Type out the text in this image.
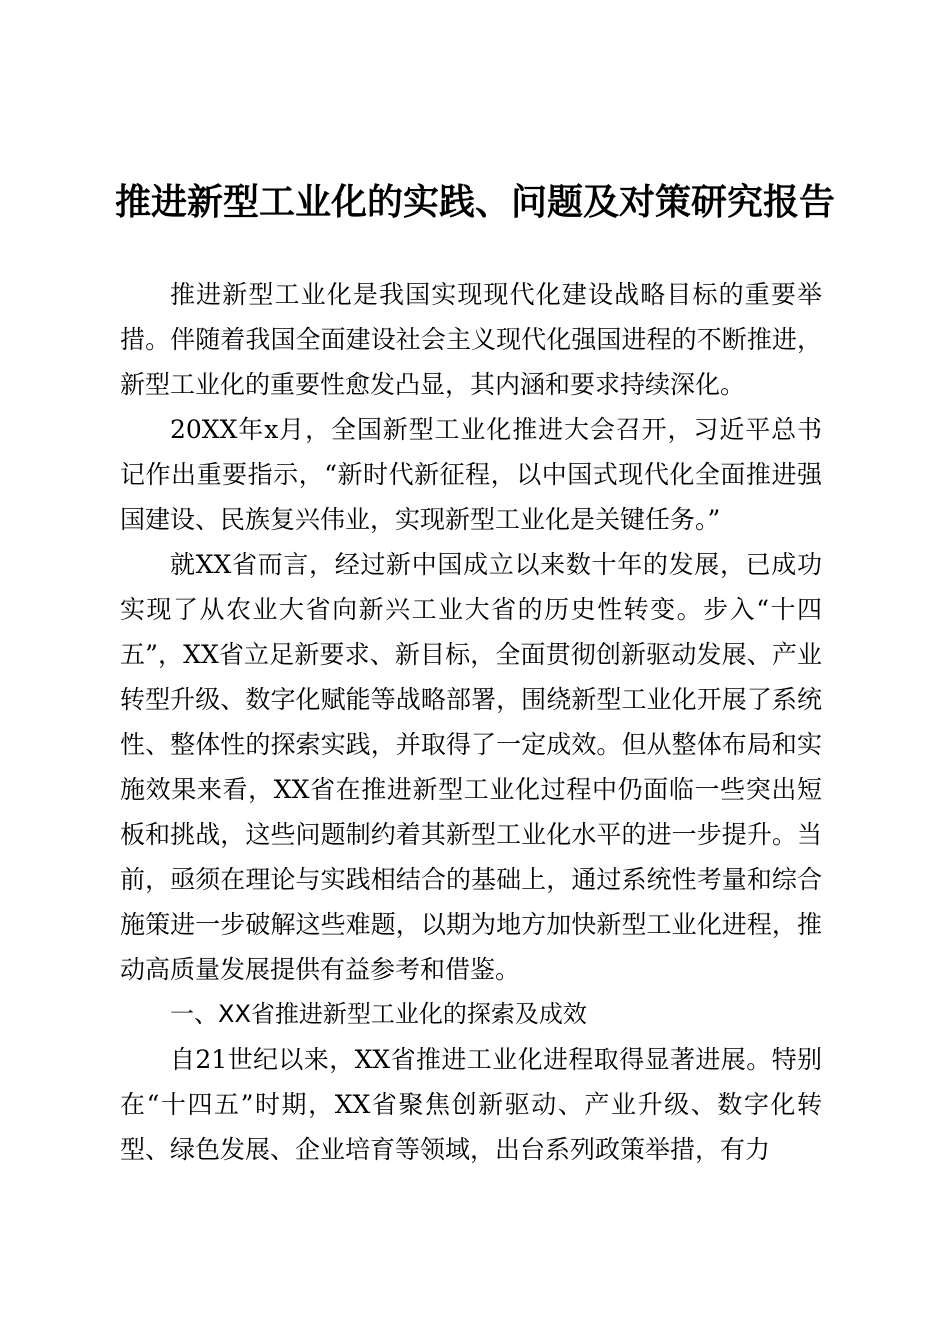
推进新型工业化的实践、问题及对策研究报告

推进新型工业化是我国实现现代化建设战略目标的重要举措。伴随着我国全面建设社会主义现代化强国进程的不断推进，新型工业化的重要性愈发凸显，其内涵和要求持续深化。

20XX年x月，全国新型工业化推进大会召开，习近平总书记作出重要指示，“新时代新征程，以中国式现代化全面推进强国建设、民族复兴伟业，实现新型工业化是关键任务。”

就XX省而言，经过新中国成立以来数十年的发展，已成功实现了从农业大省向新兴工业大省的历史性转变。步入“十四五”，XX省立足新要求、新目标，全面贯彻创新驱动发展、产业转型升级、数字化赋能等战略部署，围绕新型工业化开展了系统性、整体性的探索实践，并取得了一定成效。但从整体布局和实施效果来看，XX省在推进新型工业化过程中仍面临一些突出短板和挑战，这些问题制约着其新型工业化水平的进一步提升。当前，亟须在理论与实践相结合的基础上，通过系统性考量和综合施策进一步破解这些难题，以期为地方加快新型工业化进程，推动高质量发展提供有益参考和借鉴。

一、XX省推进新型工业化的探索及成效

自21世纪以来，XX省推进工业化进程取得显著进展。特别在“十四五”时期，XX省聚焦创新驱动、产业升级、数字化转型、绿色发展、企业培育等领域，出台系列政策举措，有力
